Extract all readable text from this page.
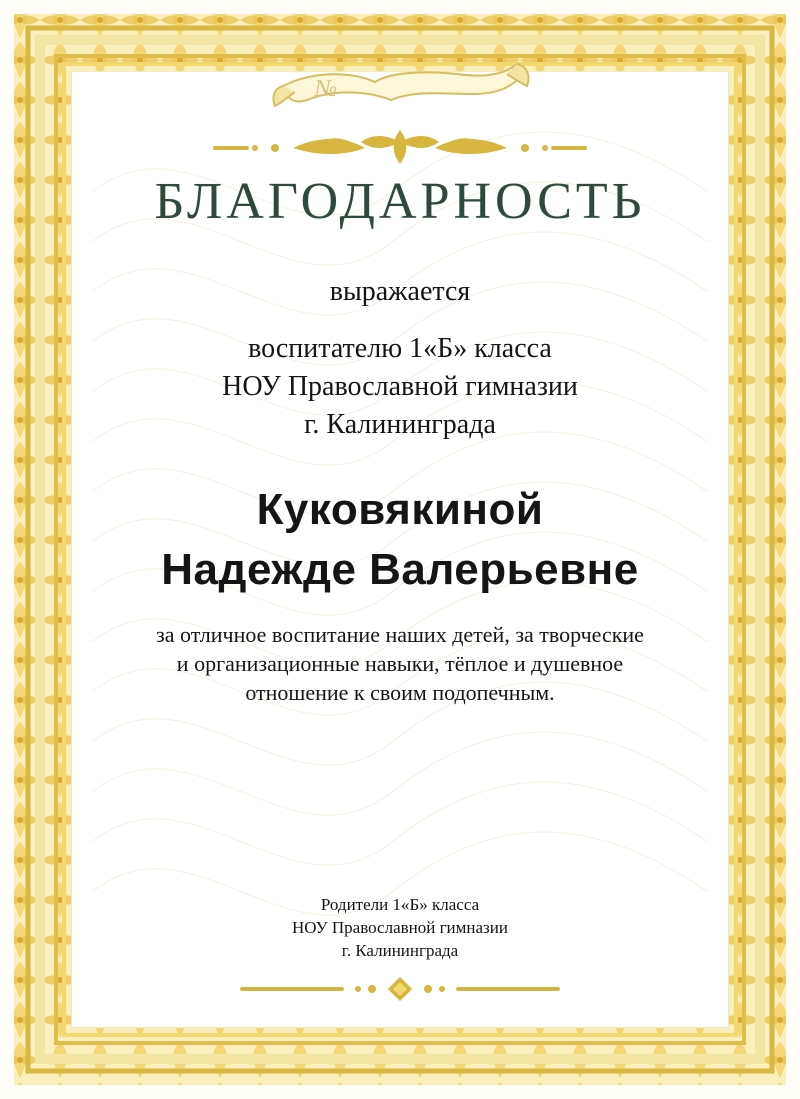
№
БЛАГОДАРНОСТЬ
выражается
воспитателю 1«Б» класса
НОУ Православной гимназии
г. Калининграда
Куковякиной
Надежде Валерьевне
за отличное воспитание наших детей, за творческие
и организационные навыки, тёплое и душевное
отношение к своим подопечным.
Родители 1«Б» класса
НОУ Православной гимназии
г. Калининграда
